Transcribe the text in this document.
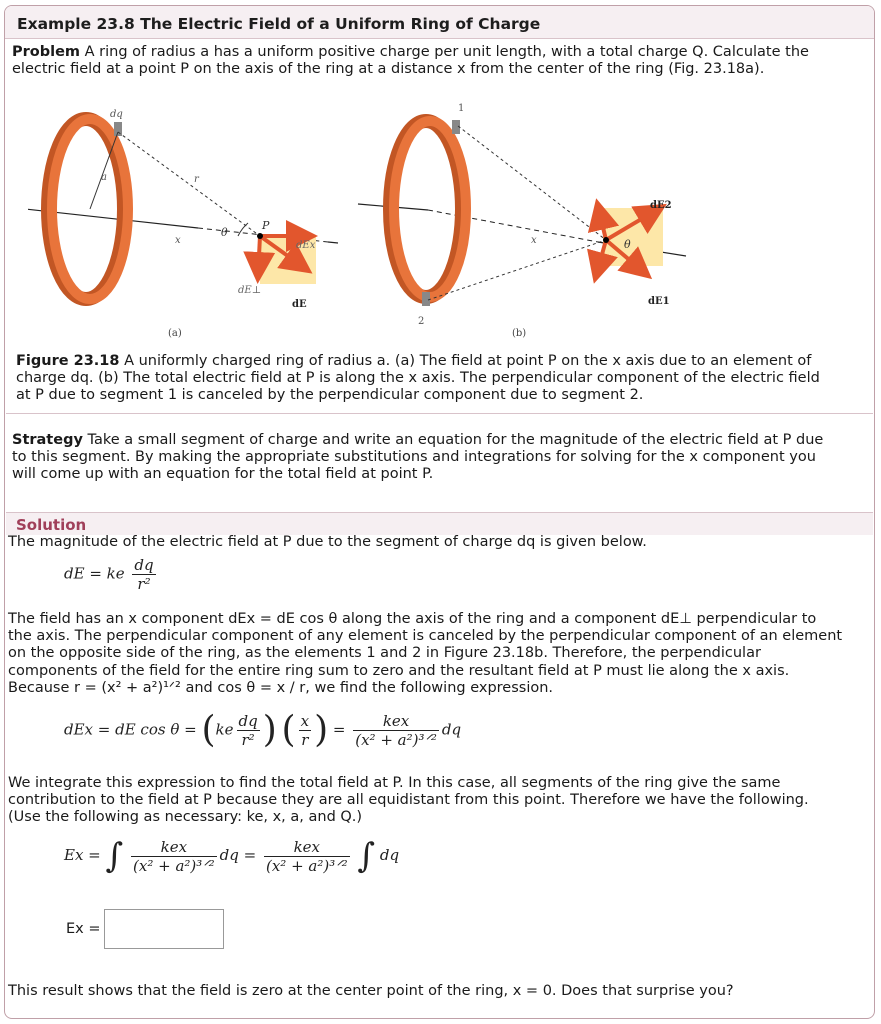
Example 23.8 The Electric Field of a Uniform Ring of Charge

Problem A ring of radius a has a uniform positive charge per unit length, with a total charge Q. Calculate the

electric field at a point P on the axis of the ring at a distance x from the center of the ring (Fig. 23.18a).

dq
a	r
θ
P
x	dEx
dE⊥
dE
(a)
1
2
dE2
dE1
θ
x
(b)

Figure 23.18 A uniformly charged ring of radius a. (a) The field at point P on the x axis due to an element of

charge dq. (b) The total electric field at P is along the x axis. The perpendicular component of the electric field

at P due to segment 1 is canceled by the perpendicular component due to segment 2.

Strategy Take a small segment of charge and write an equation for the magnitude of the electric field at P due

to this segment. By making the appropriate substitutions and integrations for solving for the x component you

will come up with an equation for the total field at point P.

Solution

The magnitude of the electric field at P due to the segment of charge dq is given below.

dE = ke $\frac{dq}{\text{r²}}$
The field has an x component dEx = dE cos θ along the axis of the ring and a component dE⊥ perpendicular to
the axis. The perpendicular component of any element is canceled by the perpendicular component of an element
on the opposite side of the ring, as the elements 1 and 2 in Figure 23.18b. Therefore, the perpendicular
components of the field for the entire ring sum to zero and the resultant field at P must lie along the x axis.
Because r = (x² + a²)¹ᐟ² and cos θ = x / r, we find the following expression.
dEx = dE $\cos \theta = (ke \frac{dq}{\text{r²}}$ ) ( $\frac{x}{r}$ ) = $\frac{\text{kex}}{\text{(x² + a²)³ᐟ²}}$ dq
We integrate this expression to find the total field at P. In this case, all segments of the ring give the same
contribution to the field at P because they are all equidistant from this point. Therefore we have the following.
(Use the following as necessary: ke, x, a, and Q.)
Ex = ∫ $\frac{\text{kex}}{\text{(x² + a²)³ᐟ²}}$ dq = $\frac{\text{kex}}{\text{(x² + a²)³ᐟ²}}$ ∫ dq
Ex =

This result shows that the field is zero at the center point of the ring, x = 0. Does that surprise you?
